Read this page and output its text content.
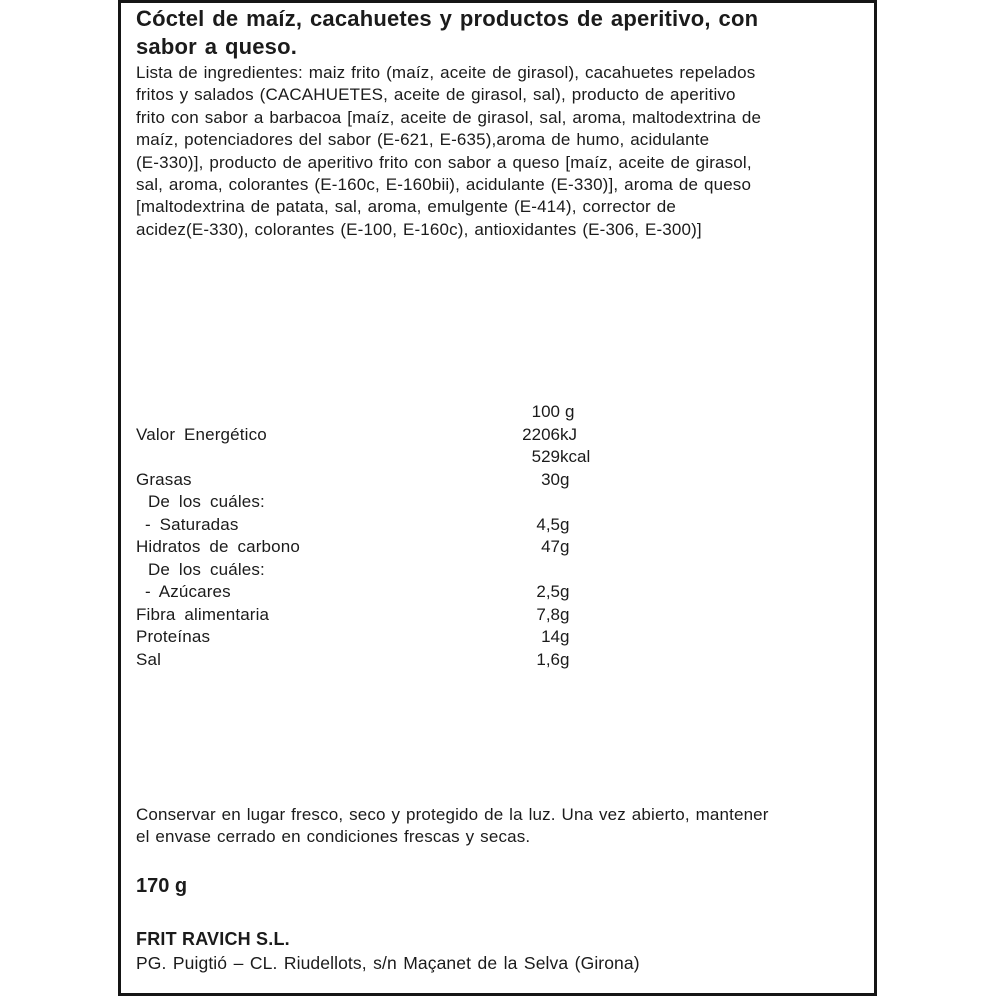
Cóctel de maíz, cacahuetes y productos de aperitivo, con
sabor a queso.
Lista de ingredientes: maiz frito (maíz, aceite de girasol), cacahuetes repelados
fritos y salados (CACAHUETES, aceite de girasol, sal), producto de aperitivo
frito con sabor a barbacoa [maíz, aceite de girasol, sal, aroma, maltodextrina de
maíz, potenciadores del sabor (E-621, E-635),aroma de humo, acidulante
(E-330)], producto de aperitivo frito con sabor a queso [maíz, aceite de girasol,
sal, aroma, colorantes (E-160c, E-160bii), acidulante (E-330)], aroma de queso
[maltodextrina de patata, sal, aroma, emulgente (E-414), corrector de
acidez(E-330), colorantes (E-100, E-160c), antioxidantes (E-306, E-300)]
100 g
Valor Energético	2206 kJ
529 kcal
Grasas	30 g
De los cuáles:
- Saturadas	4,5 g
Hidratos de carbono	47 g
De los cuáles:
- Azúcares	2,5 g
Fibra alimentaria	7,8 g
Proteínas	14 g
Sal	1,6 g
Conservar en lugar fresco, seco y protegido de la luz. Una vez abierto, mantener
el envase cerrado en condiciones frescas y secas.
170 g
FRIT RAVICH S.L.
PG. Puigtió – CL. Riudellots, s/n Maçanet de la Selva (Girona)
